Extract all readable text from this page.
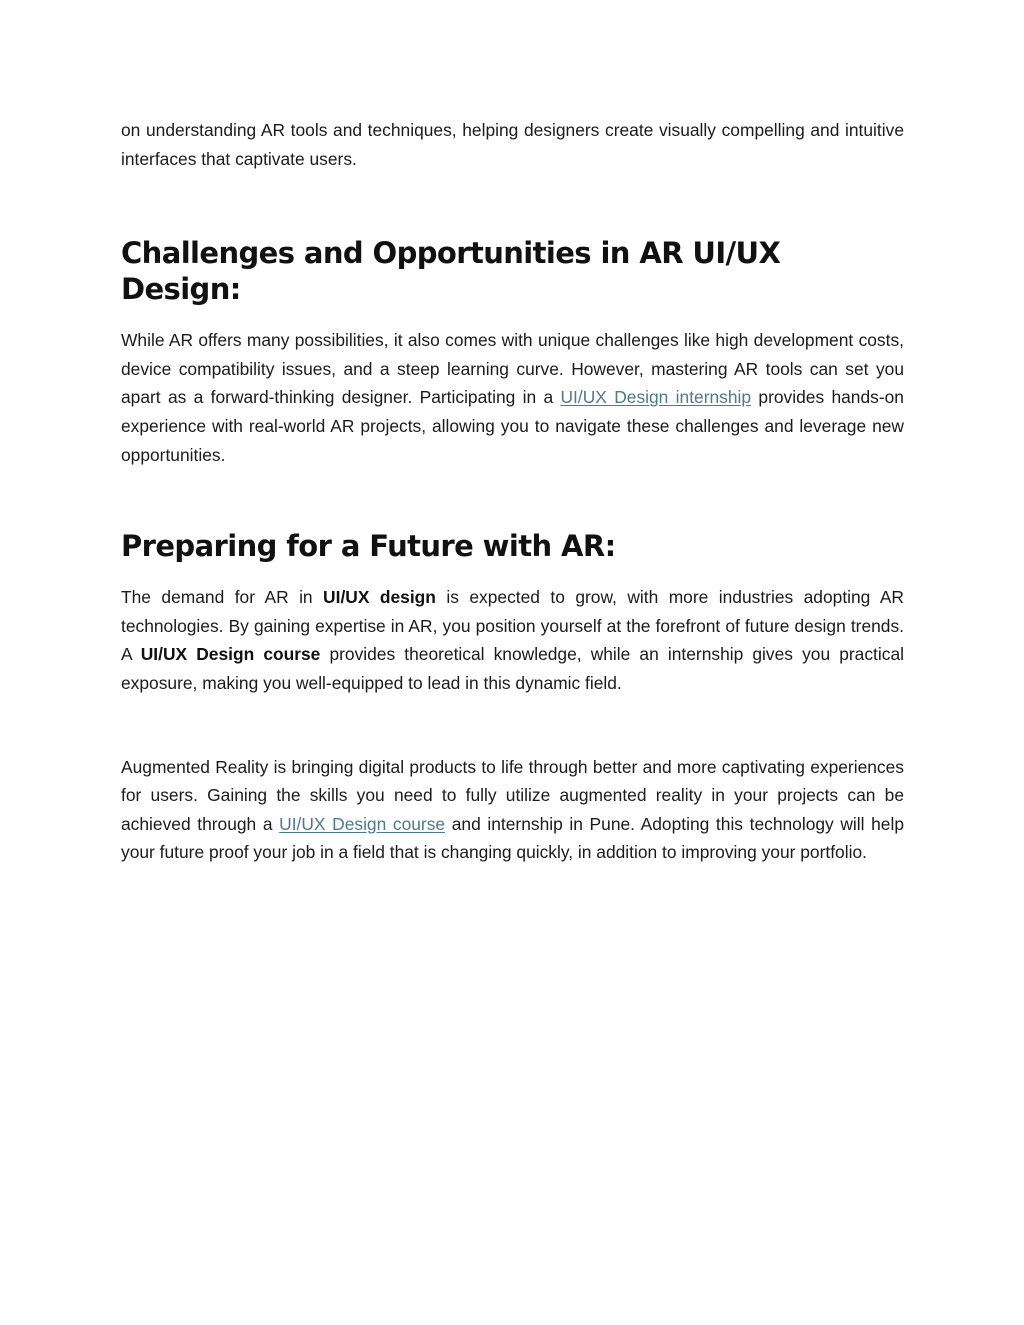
on understanding AR tools and techniques, helping designers create visually compelling and intuitive interfaces that captivate users.

Challenges and Opportunities in AR UI/UX Design:

While AR offers many possibilities, it also comes with unique challenges like high development costs, device compatibility issues, and a steep learning curve. However, mastering AR tools can set you apart as a forward-thinking designer. Participating in a UI/UX Design internship provides hands-on experience with real-world AR projects, allowing you to navigate these challenges and leverage new opportunities.

Preparing for a Future with AR:

The demand for AR in UI/UX design is expected to grow, with more industries adopting AR technologies. By gaining expertise in AR, you position yourself at the forefront of future design trends. A UI/UX Design course provides theoretical knowledge, while an internship gives you practical exposure, making you well-equipped to lead in this dynamic field.

Augmented Reality is bringing digital products to life through better and more captivating experiences for users. Gaining the skills you need to fully utilize augmented reality in your projects can be achieved through a UI/UX Design course and internship in Pune. Adopting this technology will help your future proof your job in a field that is changing quickly, in addition to improving your portfolio.
